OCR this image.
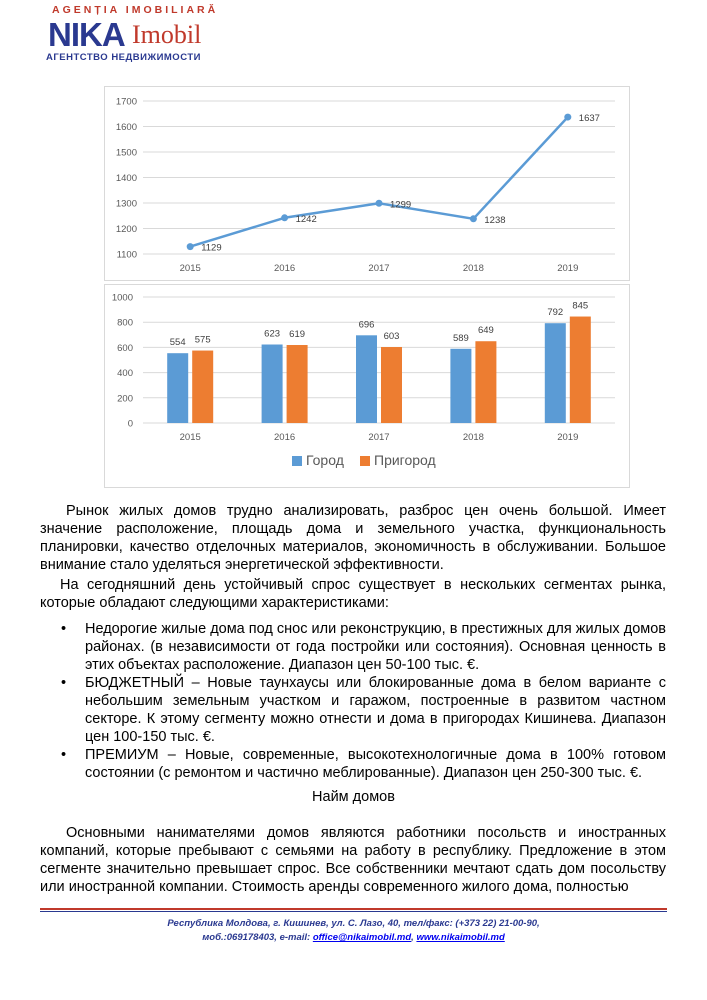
AGENȚIA IMOBILIARĂ
NIKA Imobil
АГЕНТСТВО НЕДВИЖИМОСТИ
1100
1200
1300
1400
1500
1600
1700
2015	2016	2017	2018	2019
1129
1242
1299
1238
1637
0
200
400
600
800
1000
554 575
2015
623 619
2016
696
603
2017
589
649
2018
792
845
2019
Город Пригород
Рынок жилых домов трудно анализировать, разброс цен очень большой. Имеет значение расположение, площадь дома и земельного участка, функциональность планировки, качество отделочных материалов, экономичность в обслуживании. Большое внимание стало уделяться энергетической эффективности.
На сегодняшний день устойчивый спрос существует в нескольких сегментах рынка, которые обладают следующими характеристиками:
• Недорогие жилые дома под снос или реконструкцию, в престижных для жилых домов районах. (в независимости от года постройки или состояния). Основная ценность в этих объектах расположение. Диапазон цен 50-100 тыс. €.
• БЮДЖЕТНЫЙ – Новые таунхаусы или блокированные дома в белом варианте с небольшим земельным участком и гаражом, построенные в развитом частном секторе. К этому сегменту можно отнести и дома в пригородах Кишинева. Диапазон цен 100-150 тыс. €.
• ПРЕМИУМ – Новые, современные, высокотехнологичные дома в 100% готовом состоянии (с ремонтом и частично меблированные). Диапазон цен 250-300 тыс. €.
Найм домов
Основными нанимателями домов являются работники посольств и иностранных компаний, которые пребывают с семьями на работу в республику. Предложение в этом сегменте значительно превышает спрос. Все собственники мечтают сдать дом посольству или иностранной компании. Стоимость аренды современного жилого дома, полностью
Республика Молдова, г. Кишинев, ул. С. Лазо, 40, тел/факс: (+373 22) 21-00-90,
моб.:069178403, e-mail: office@nikaimobil.md, www.nikaimobil.md
